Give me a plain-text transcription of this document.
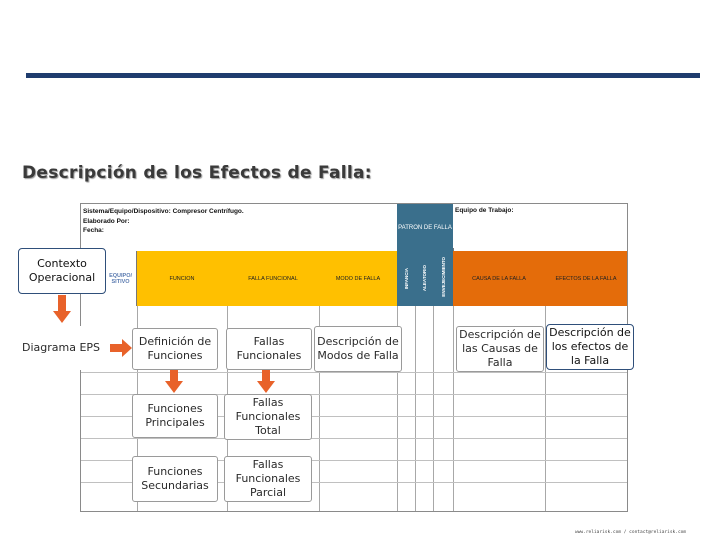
Descripción de los Efectos de Falla:
Sistema/Equipo/Dispositivo: Compresor Centrífugo.
Elaborado Por:
Fecha:
Equipo de Trabajo:
PATRON DE FALLA
EQUIPO/
SITIVO	FUNCION	FALLA FUNCIONAL	MODO DE FALLA	INFANCIA	ALEATORIO	ENVEJECIMIENTO	CAUSA DE LA FALLA	EFECTOS DE LA FALLA
Contexto Operacional
Diagrama EPS	Definición de Funciones
Fallas Funcionales
Descripción de Modos de Falla
Descripción de las Causas de Falla
Descripción de los efectos de la Falla
Funciones Principales
Fallas Funcionales Total
Funciones Secundarias
Fallas Funcionales Parcial
www.reliarisk.com / contact@reliarisk.com
